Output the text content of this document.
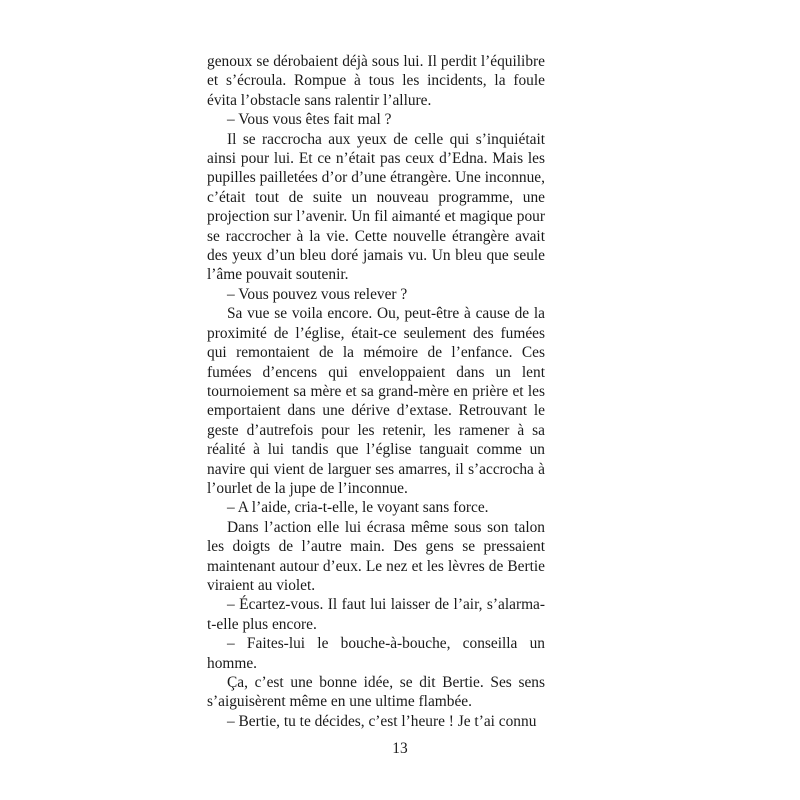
genoux se dérobaient déjà sous lui. Il perdit l’équilibre et s’écroula. Rompue à tous les incidents, la foule évita l’obstacle sans ralentir l’allure.

– Vous vous êtes fait mal ?

Il se raccrocha aux yeux de celle qui s’inquiétait ainsi pour lui. Et ce n’était pas ceux d’Edna. Mais les pupilles pailletées d’or d’une étrangère. Une inconnue, c’était tout de suite un nouveau programme, une projection sur l’avenir. Un fil aimanté et magique pour se raccrocher à la vie. Cette nouvelle étrangère avait des yeux d’un bleu doré jamais vu. Un bleu que seule l’âme pouvait soutenir.

– Vous pouvez vous relever ?

Sa vue se voila encore. Ou, peut-être à cause de la proximité de l’église, était-ce seulement des fumées qui remontaient de la mémoire de l’enfance. Ces fumées d’encens qui enveloppaient dans un lent tournoiement sa mère et sa grand-mère en prière et les emportaient dans une dérive d’extase. Retrouvant le geste d’autrefois pour les retenir, les ramener à sa réalité à lui tandis que l’église tanguait comme un navire qui vient de larguer ses amarres, il s’accrocha à l’ourlet de la jupe de l’inconnue.

– A l’aide, cria-t-elle, le voyant sans force.

Dans l’action elle lui écrasa même sous son talon les doigts de l’autre main. Des gens se pressaient maintenant autour d’eux. Le nez et les lèvres de Bertie viraient au violet.

– Écartez-vous. Il faut lui laisser de l’air, s’alarma-t-elle plus encore.

– Faites-lui le bouche-à-bouche, conseilla un homme.

Ça, c’est une bonne idée, se dit Bertie. Ses sens s’aiguisèrent même en une ultime flambée.

– Bertie, tu te décides, c’est l’heure ! Je t’ai connu

13
